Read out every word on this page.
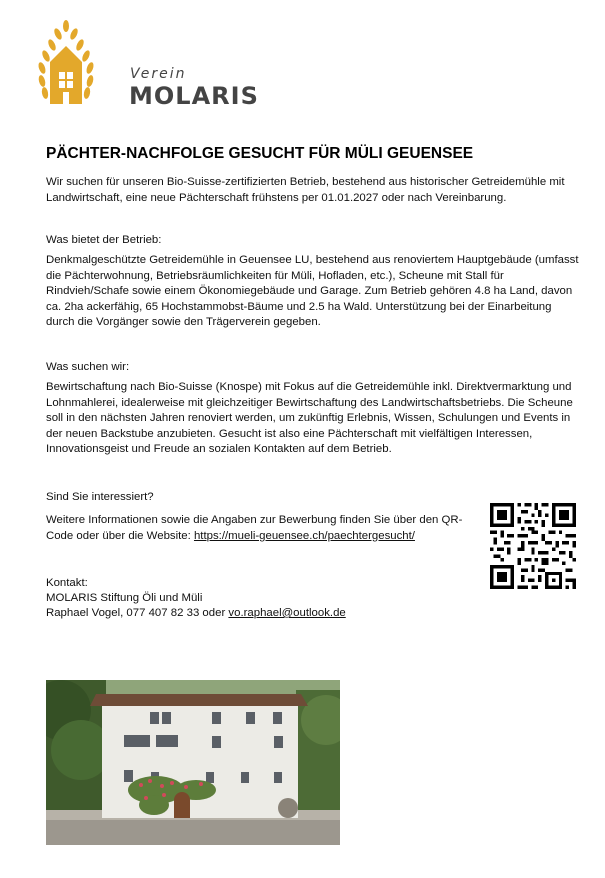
Verein
MOLARIS
PÄCHTER-NACHFOLGE GESUCHT FÜR MÜLI GEUENSEE

Wir suchen für unseren Bio-Suisse-zertifizierten Betrieb, bestehend aus historischer Getreidemühle mit Landwirtschaft, eine neue Pächterschaft frühstens per 01.01.2027 oder nach Vereinbarung.

Was bietet der Betrieb:

Denkmalgeschützte Getreidemühle in Geuensee LU, bestehend aus renoviertem Hauptgebäude (umfasst die Pächterwohnung, Betriebsräumlichkeiten für Müli, Hofladen, etc.), Scheune mit Stall für Rindvieh/Schafe sowie einem Ökonomiegebäude und Garage. Zum Betrieb gehören 4.8 ha Land, davon ca. 2ha ackerfähig, 65 Hochstammobst-Bäume und 2.5 ha Wald. Unterstützung bei der Einarbeitung durch die Vorgänger sowie den Trägerverein gegeben.

Was suchen wir:

Bewirtschaftung nach Bio-Suisse (Knospe) mit Fokus auf die Getreidemühle inkl. Direktvermarktung und Lohnmahlerei, idealerweise mit gleichzeitiger Bewirtschaftung des Landwirtschaftsbetriebs. Die Scheune soll in den nächsten Jahren renoviert werden, um zukünftig Erlebnis, Wissen, Schulungen und Events in der neuen Backstube anzubieten. Gesucht ist also eine Pächterschaft mit vielfältigen Interessen, Innovationsgeist und Freude an sozialen Kontakten auf dem Betrieb.

Sind Sie interessiert?

Weitere Informationen sowie die Angaben zur Bewerbung finden Sie über den QR-Code oder über die Website: https://mueli-geuensee.ch/paechtergesucht/

Kontakt:

MOLARIS Stiftung Öli und Müli

Raphael Vogel, 077 407 82 33 oder vo.raphael@outlook.de
